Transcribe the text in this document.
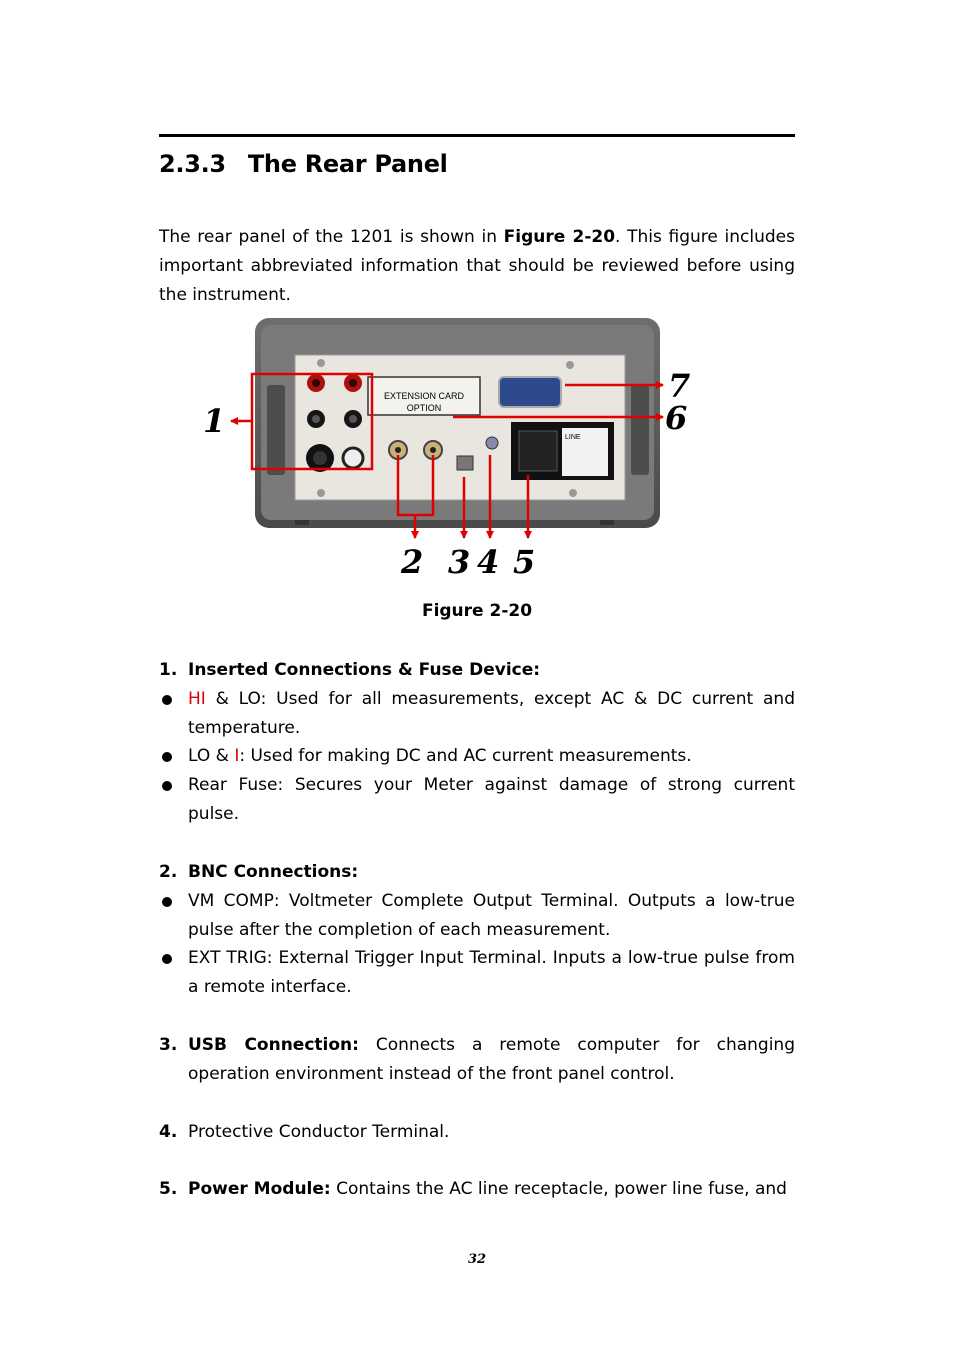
2.3.3 The Rear Panel
The rear panel of the 1201 is shown in Figure 2-20. This figure includes important abbreviated information that should be reviewed before using the instrument.
EXTENSION CARD
OPTION
LINE
1
2 3 4 5
6
7
Figure 2-20
1. Inserted Connections & Fuse Device:
HI & LO: Used for all measurements, except AC & DC current and temperature.
LO & I: Used for making DC and AC current measurements.
Rear Fuse: Secures your Meter against damage of strong current pulse.
2. BNC Connections:
VM COMP: Voltmeter Complete Output Terminal. Outputs a low-true pulse after the completion of each measurement.
EXT TRIG: External Trigger Input Terminal. Inputs a low-true pulse from a remote interface.
3. USB Connection: Connects a remote computer for changing operation environment instead of the front panel control.
4. Protective Conductor Terminal.
5. Power Module: Contains the AC line receptacle, power line fuse, and
32
